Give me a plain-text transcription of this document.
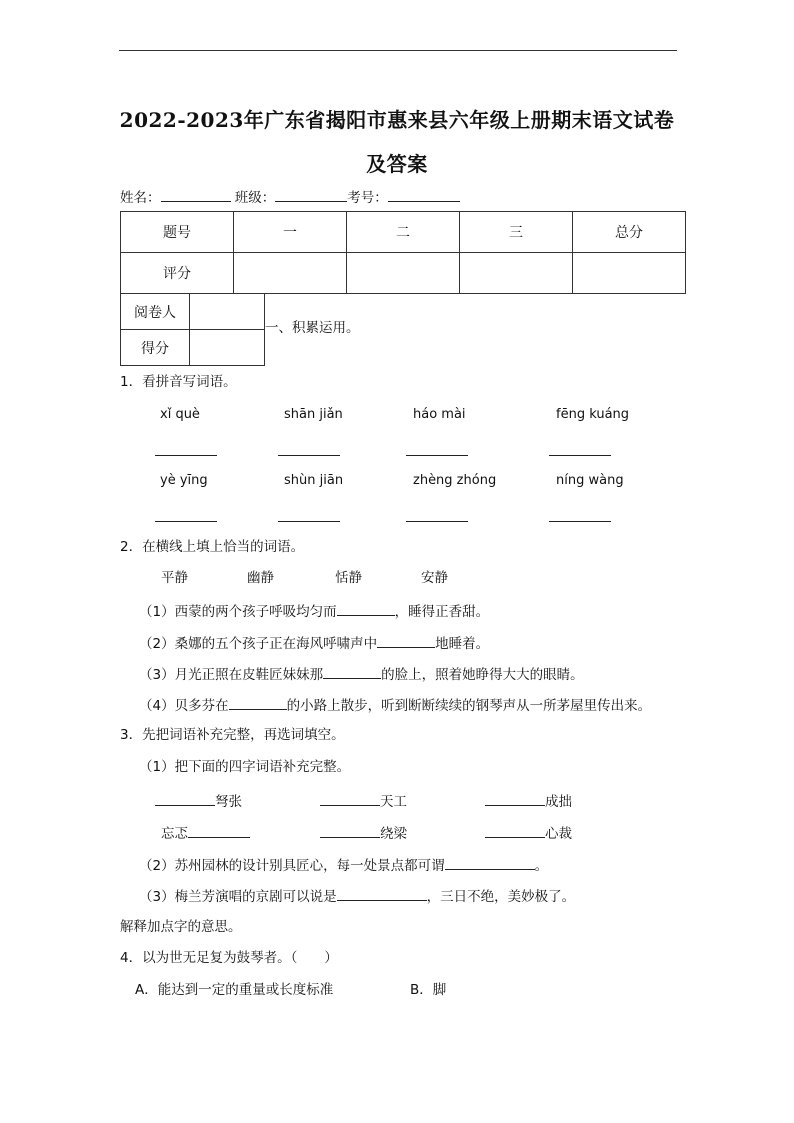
2022-2023年广东省揭阳市惠来县六年级上册期末语文试卷
及答案
姓名：	班级：	考号：
题号	一	二	三	总分
评分				
阅卷人	
得分	
一、积累运用。
1．看拼音写词语。
xǐ què	shān jiǎn	háo mài	fēng kuáng
yè yīng	shùn jiān	zhèng zhóng	níng wàng
2．在横线上填上恰当的词语。
平静	幽静	恬静	安静
（1）西蒙的两个孩子呼吸均匀而	，睡得正香甜。
（2）桑娜的五个孩子正在海风呼啸声中	地睡着。
（3）月光正照在皮鞋匠妹妹那	的脸上，照着她睁得大大的眼睛。
（4）贝多芬在	的小路上散步，听到断断续续的钢琴声从一所茅屋里传出来。
3．先把词语补充完整，再选词填空。
（1）把下面的四字词语补充完整。
弩张	天工	成拙
忘忑	绕梁	心裁
（2）苏州园林的设计别具匠心，每一处景点都可谓	。
（3）梅兰芳演唱的京剧可以说是	，三日不绝，美妙极了。
解释加点字的意思。
4．以为世无足复为鼓琴者。（　　）
A．能达到一定的重量或长度标准	B．脚
